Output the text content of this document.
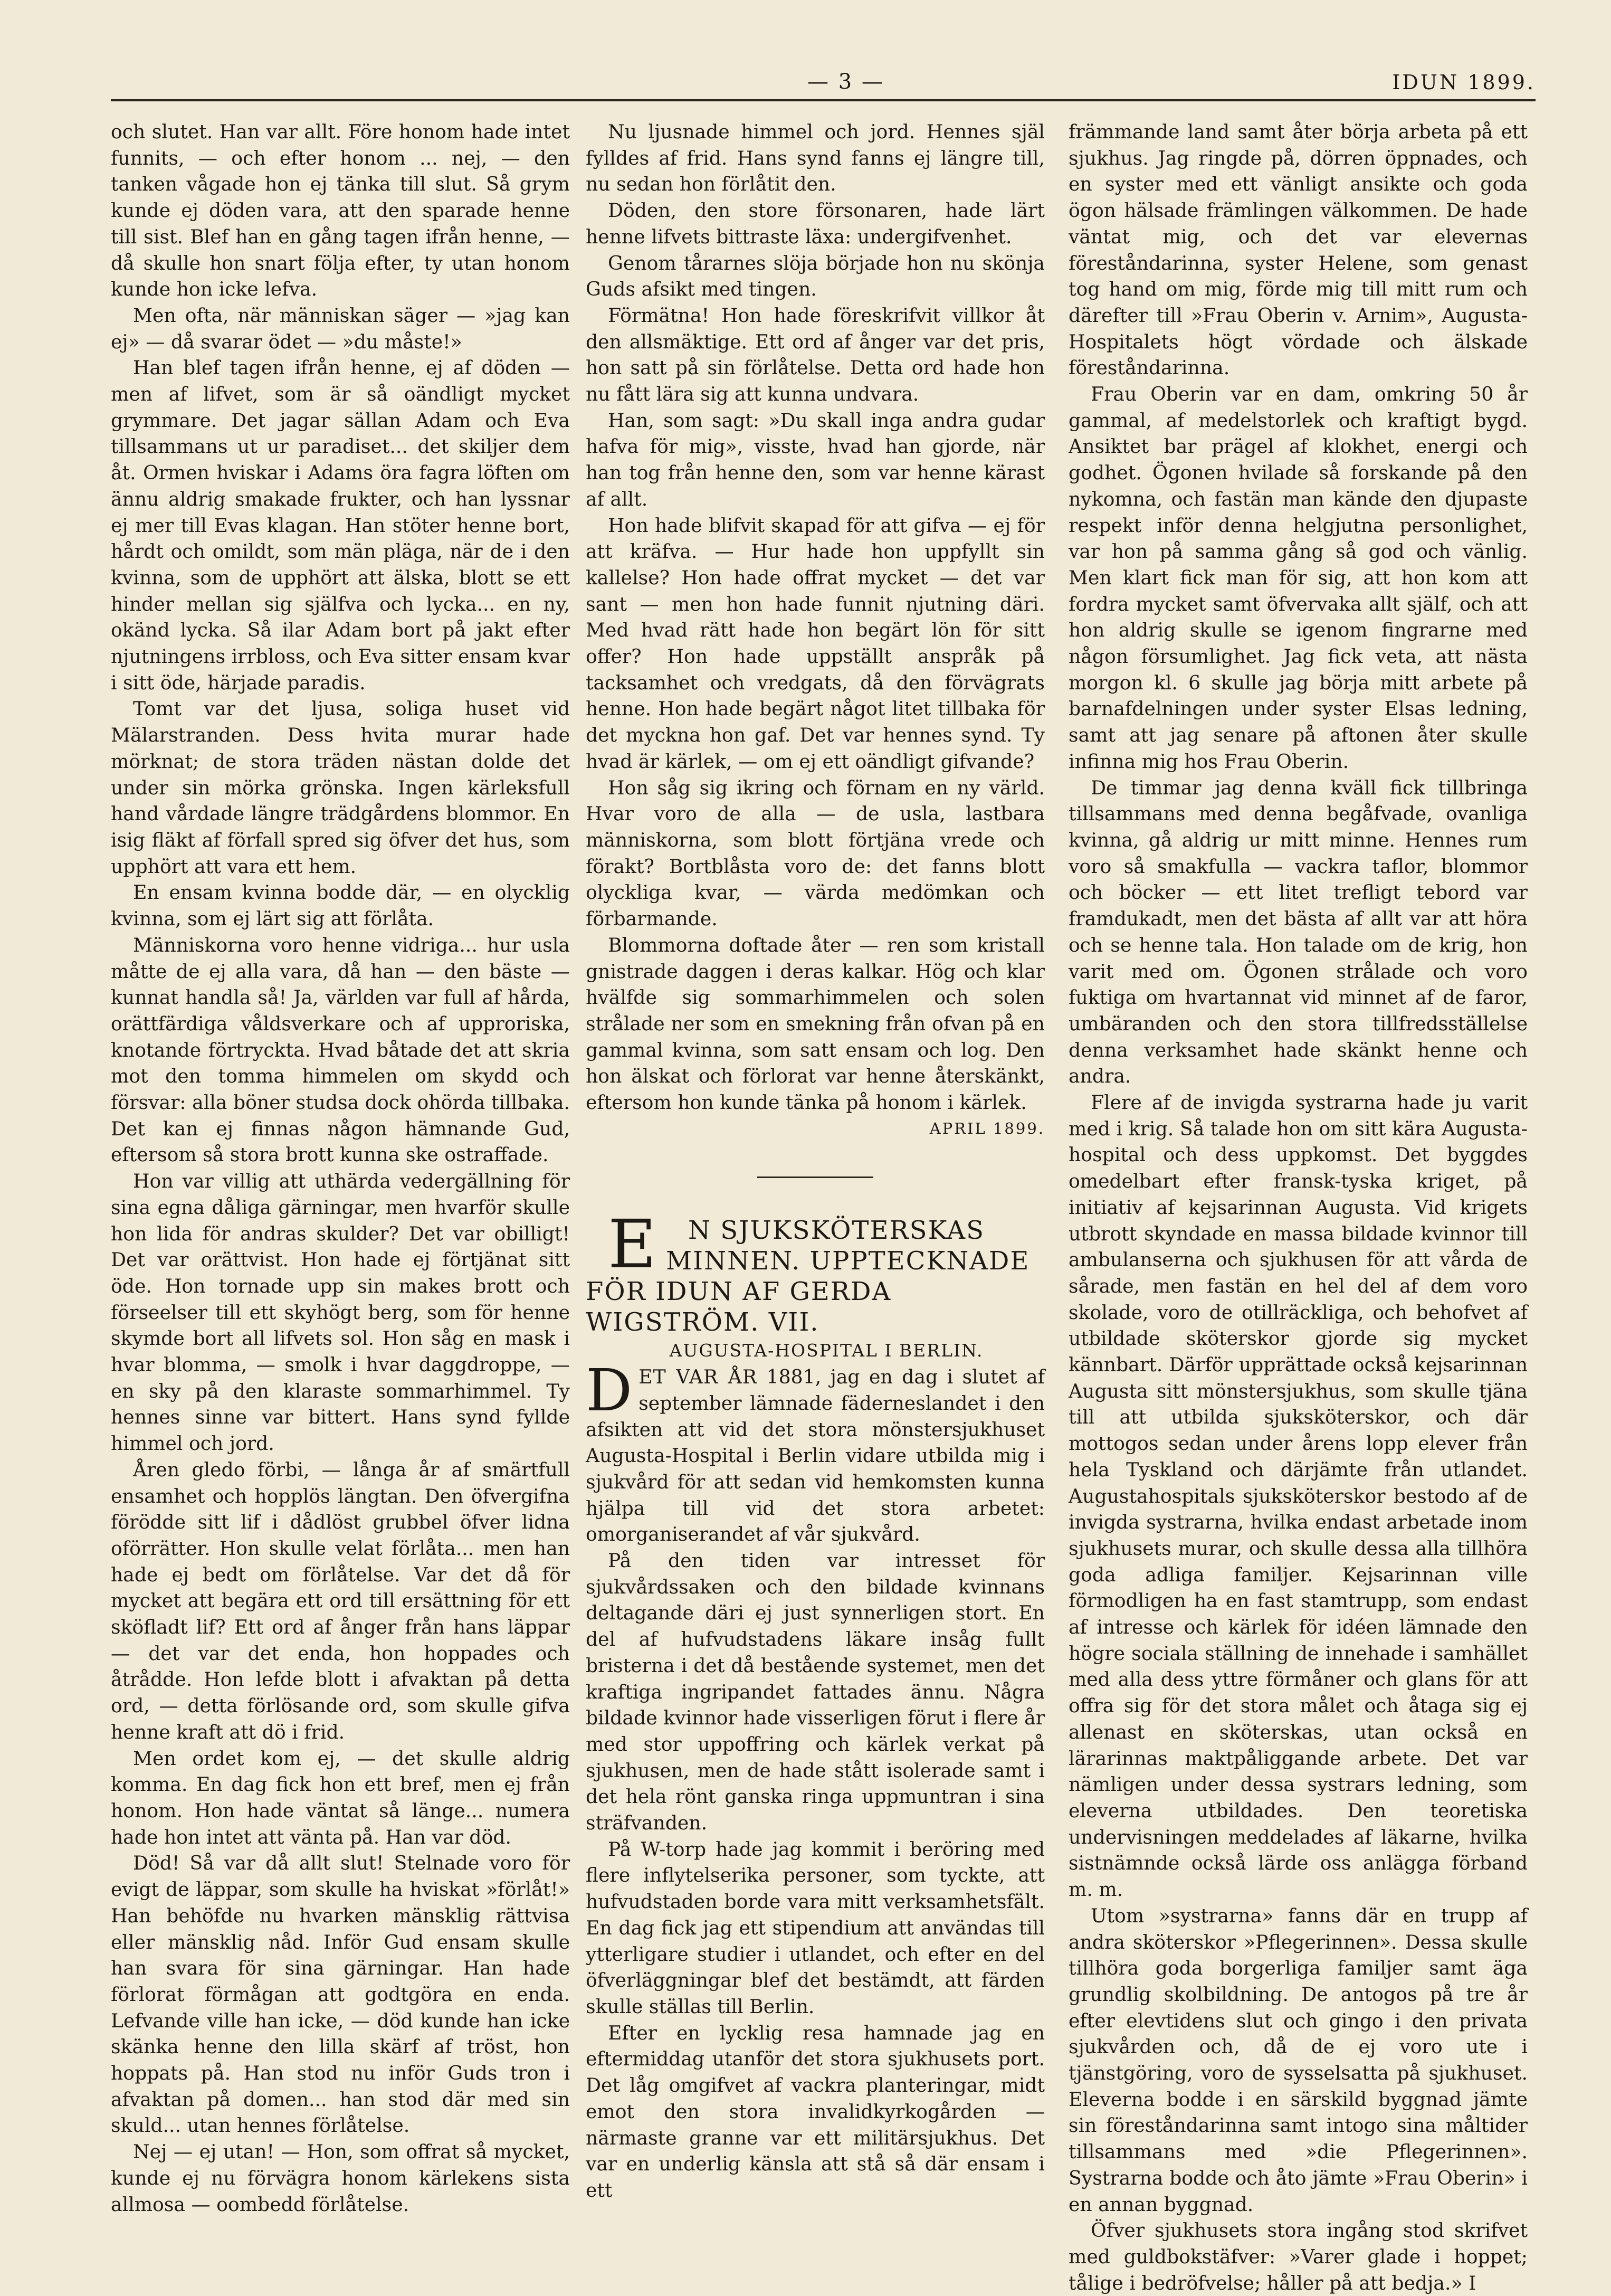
— 3 —	IDUN 1899.

och slutet. Han var allt. Före honom hade intet funnits, — och efter honom ... nej, — den tanken vågade hon ej tänka till slut. Så grym kunde ej döden vara, att den sparade henne till sist. Blef han en gång tagen ifrån henne, — då skulle hon snart följa efter, ty utan honom kunde hon icke lefva.

Men ofta, när människan säger — »jag kan ej» — då svarar ödet — »du måste!»

Han blef tagen ifrån henne, ej af döden — men af lifvet, som är så oändligt mycket grymmare. Det jagar sällan Adam och Eva tillsammans ut ur paradiset... det skiljer dem åt. Ormen hviskar i Adams öra fagra löften om ännu aldrig smakade frukter, och han lyssnar ej mer till Evas klagan. Han stöter henne bort, hårdt och omildt, som män pläga, när de i den kvinna, som de upphört att älska, blott se ett hinder mellan sig själfva och lycka... en ny, okänd lycka. Så ilar Adam bort på jakt efter njutningens irrbloss, och Eva sitter ensam kvar i sitt öde, härjade paradis.

Tomt var det ljusa, soliga huset vid Mälarstranden. Dess hvita murar hade mörknat; de stora träden nästan dolde det under sin mörka grönska. Ingen kärleksfull hand vårdade längre trädgårdens blommor. En isig fläkt af förfall spred sig öfver det hus, som upphört att vara ett hem.

En ensam kvinna bodde där, — en olycklig kvinna, som ej lärt sig att förlåta.

Människorna voro henne vidriga... hur usla måtte de ej alla vara, då han — den bäste — kunnat handla så! Ja, världen var full af hårda, orättfärdiga våldsverkare och af upproriska, knotande förtryckta. Hvad båtade det att skria mot den tomma himmelen om skydd och försvar: alla böner studsa dock ohörda tillbaka. Det kan ej finnas någon hämnande Gud, eftersom så stora brott kunna ske ostraffade.

Hon var villig att uthärda vedergällning för sina egna dåliga gärningar, men hvarför skulle hon lida för andras skulder? Det var obilligt! Det var orättvist. Hon hade ej förtjänat sitt öde. Hon tornade upp sin makes brott och förseelser till ett skyhögt berg, som för henne skymde bort all lifvets sol. Hon såg en mask i hvar blomma, — smolk i hvar daggdroppe, — en sky på den klaraste sommarhimmel. Ty hennes sinne var bittert. Hans synd fyllde himmel och jord.

Åren gledo förbi, — långa år af smärtfull ensamhet och hopplös längtan. Den öfvergifna förödde sitt lif i dådlöst grubbel öfver lidna oförrätter. Hon skulle velat förlåta... men han hade ej bedt om förlåtelse. Var det då för mycket att begära ett ord till ersättning för ett sköfladt lif? Ett ord af ånger från hans läppar — det var det enda, hon hoppades och åtrådde. Hon lefde blott i afvaktan på detta ord, — detta förlösande ord, som skulle gifva henne kraft att dö i frid.

Men ordet kom ej, — det skulle aldrig komma. En dag fick hon ett bref, men ej från honom. Hon hade väntat så länge... numera hade hon intet att vänta på. Han var död.

Död! Så var då allt slut! Stelnade voro för evigt de läppar, som skulle ha hviskat »förlåt!» Han behöfde nu hvarken mänsklig rättvisa eller mänsklig nåd. Inför Gud ensam skulle han svara för sina gärningar. Han hade förlorat förmågan att godtgöra en enda. Lefvande ville han icke, — död kunde han icke skänka henne den lilla skärf af tröst, hon hoppats på. Han stod nu inför Guds tron i afvaktan på domen... han stod där med sin skuld... utan hennes förlåtelse.

Nej — ej utan! — Hon, som offrat så mycket, kunde ej nu förvägra honom kärlekens sista allmosa — oombedd förlåtelse.

Nu ljusnade himmel och jord. Hennes själ fylldes af frid. Hans synd fanns ej längre till, nu sedan hon förlåtit den.

Döden, den store försonaren, hade lärt henne lifvets bittraste läxa: undergifvenhet.

Genom tårarnes slöja började hon nu skönja Guds afsikt med tingen.

Förmätna! Hon hade föreskrifvit villkor åt den allsmäktige. Ett ord af ånger var det pris, hon satt på sin förlåtelse. Detta ord hade hon nu fått lära sig att kunna undvara.

Han, som sagt: »Du skall inga andra gudar hafva för mig», visste, hvad han gjorde, när han tog från henne den, som var henne kärast af allt.

Hon hade blifvit skapad för att gifva — ej för att kräfva. — Hur hade hon uppfyllt sin kallelse? Hon hade offrat mycket — det var sant — men hon hade funnit njutning däri. Med hvad rätt hade hon begärt lön för sitt offer? Hon hade uppställt anspråk på tacksamhet och vredgats, då den förvägrats henne. Hon hade begärt något litet tillbaka för det myckna hon gaf. Det var hennes synd. Ty hvad är kärlek, — om ej ett oändligt gifvande?

Hon såg sig ikring och förnam en ny värld. Hvar voro de alla — de usla, lastbara människorna, som blott förtjäna vrede och förakt? Bortblåsta voro de: det fanns blott olyckliga kvar, — värda medömkan och förbarmande.

Blommorna doftade åter — ren som kristall gnistrade daggen i deras kalkar. Hög och klar hvälfde sig sommarhimmelen och solen strålade ner som en smekning från ofvan på en gammal kvinna, som satt ensam och log. Den hon älskat och förlorat var henne återskänkt, eftersom hon kunde tänka på honom i kärlek.

APRIL 1899.

E N SJUKSKÖTERSKAS MINNEN. UPPTECKNADE FÖR IDUN AF GERDA WIGSTRÖM. VII.

AUGUSTA-HOSPITAL I BERLIN.

DET VAR ÅR 1881, jag en dag i slutet af september lämnade fäderneslandet i den afsikten att vid det stora mönstersjukhuset Augusta-Hospital i Berlin vidare utbilda mig i sjukvård för att sedan vid hemkomsten kunna hjälpa till vid det stora arbetet: omorganiserandet af vår sjukvård.

På den tiden var intresset för sjukvårdssaken och den bildade kvinnans deltagande däri ej just synnerligen stort. En del af hufvudstadens läkare insåg fullt bristerna i det då bestående systemet, men det kraftiga ingripandet fattades ännu. Några bildade kvinnor hade visserligen förut i flere år med stor uppoffring och kärlek verkat på sjukhusen, men de hade stått isolerade samt i det hela rönt ganska ringa uppmuntran i sina sträfvanden.

På W-torp hade jag kommit i beröring med flere inflytelserika personer, som tyckte, att hufvudstaden borde vara mitt verksamhetsfält. En dag fick jag ett stipendium att användas till ytterligare studier i utlandet, och efter en del öfverläggningar blef det bestämdt, att färden skulle ställas till Berlin.

Efter en lycklig resa hamnade jag en eftermiddag utanför det stora sjukhusets port. Det låg omgifvet af vackra planteringar, midt emot den stora invalidkyrkogården — närmaste granne var ett militärsjukhus. Det var en underlig känsla att stå så där ensam i ett

främmande land samt åter börja arbeta på ett sjukhus. Jag ringde på, dörren öppnades, och en syster med ett vänligt ansikte och goda ögon hälsade främlingen välkommen. De hade väntat mig, och det var elevernas föreståndarinna, syster Helene, som genast tog hand om mig, förde mig till mitt rum och därefter till »Frau Oberin v. Arnim», Augusta-Hospitalets högt vördade och älskade föreståndarinna.

Frau Oberin var en dam, omkring 50 år gammal, af medelstorlek och kraftigt bygd. Ansiktet bar prägel af klokhet, energi och godhet. Ögonen hvilade så forskande på den nykomna, och fastän man kände den djupaste respekt inför denna helgjutna personlighet, var hon på samma gång så god och vänlig. Men klart fick man för sig, att hon kom att fordra mycket samt öfvervaka allt själf, och att hon aldrig skulle se igenom fingrarne med någon försumlighet. Jag fick veta, att nästa morgon kl. 6 skulle jag börja mitt arbete på barnafdelningen under syster Elsas ledning, samt att jag senare på aftonen åter skulle infinna mig hos Frau Oberin.

De timmar jag denna kväll fick tillbringa tillsammans med denna begåfvade, ovanliga kvinna, gå aldrig ur mitt minne. Hennes rum voro så smakfulla — vackra taflor, blommor och böcker — ett litet trefligt tebord var framdukadt, men det bästa af allt var att höra och se henne tala. Hon talade om de krig, hon varit med om. Ögonen strålade och voro fuktiga om hvartannat vid minnet af de faror, umbäranden och den stora tillfredsställelse denna verksamhet hade skänkt henne och andra.

Flere af de invigda systrarna hade ju varit med i krig. Så talade hon om sitt kära Augusta-hospital och dess uppkomst. Det byggdes omedelbart efter fransk-tyska kriget, på initiativ af kejsarinnan Augusta. Vid krigets utbrott skyndade en massa bildade kvinnor till ambulanserna och sjukhusen för att vårda de sårade, men fastän en hel del af dem voro skolade, voro de otillräckliga, och behofvet af utbildade sköterskor gjorde sig mycket kännbart. Därför upprättade också kejsarinnan Augusta sitt mönstersjukhus, som skulle tjäna till att utbilda sjuksköterskor, och där mottogos sedan under årens lopp elever från hela Tyskland och därjämte från utlandet. Augustahospitals sjuksköterskor bestodo af de invigda systrarna, hvilka endast arbetade inom sjukhusets murar, och skulle dessa alla tillhöra goda adliga familjer. Kejsarinnan ville förmodligen ha en fast stamtrupp, som endast af intresse och kärlek för idéen lämnade den högre sociala ställning de innehade i samhället med alla dess yttre förmåner och glans för att offra sig för det stora målet och åtaga sig ej allenast en sköterskas, utan också en lärarinnas maktpåliggande arbete. Det var nämligen under dessa systrars ledning, som eleverna utbildades. Den teoretiska undervisningen meddelades af läkarne, hvilka sistnämnde också lärde oss anlägga förband m. m.

Utom »systrarna» fanns där en trupp af andra sköterskor »Pflegerinnen». Dessa skulle tillhöra goda borgerliga familjer samt äga grundlig skolbildning. De antogos på tre år efter elevtidens slut och gingo i den privata sjukvården och, då de ej voro ute i tjänstgöring, voro de sysselsatta på sjukhuset. Eleverna bodde i en särskild byggnad jämte sin föreståndarinna samt intogo sina måltider tillsammans med »die Pflegerinnen». Systrarna bodde och åto jämte »Frau Oberin» i en annan byggnad.

Öfver sjukhusets stora ingång stod skrifvet med guldbokstäfver: »Varer glade i hoppet; tålige i bedröfvelse; håller på att bedja.» I
